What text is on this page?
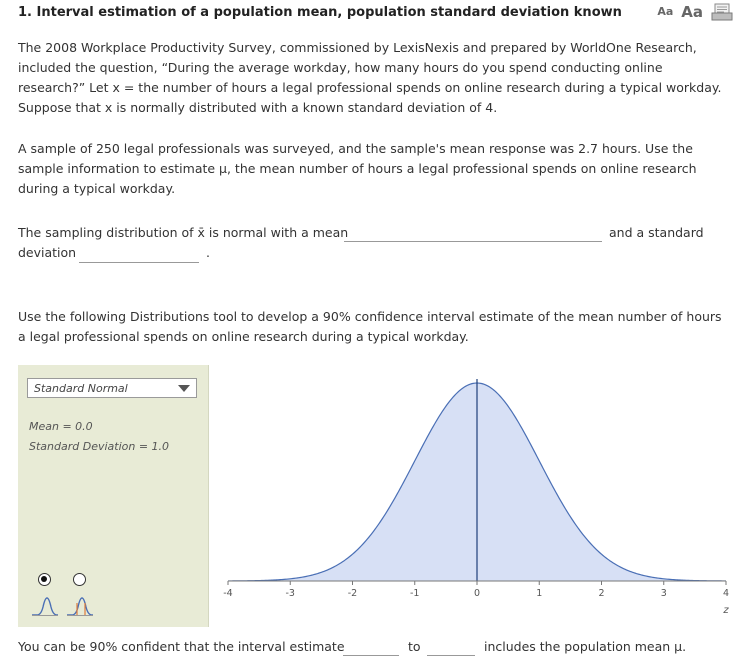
1. Interval estimation of a population mean, population standard deviation known	Aa Aa

The 2008 Workplace Productivity Survey, commissioned by LexisNexis and prepared by WorldOne Research, included the question, “During the average workday, how many hours do you spend conducting online research?” Let x = the number of hours a legal professional spends on online research during a typical workday. Suppose that x is normally distributed with a known standard deviation of 4.

A sample of 250 legal professionals was surveyed, and the sample's mean response was 2.7 hours. Use the sample information to estimate μ, the mean number of hours a legal professional spends on online research during a typical workday.

The sampling distribution of x̄ is normal with a mean	and a standard
deviation	.

Use the following Distributions tool to develop a 90% confidence interval estimate of the mean number of hours a legal professional spends on online research during a typical workday.

Standard Normal
Mean = 0.0
Standard Deviation = 1.0
-4	-3	-2	-1	0	1	2	3	4
z
You can be 90% confident that the interval estimate	to	includes the population mean μ.
